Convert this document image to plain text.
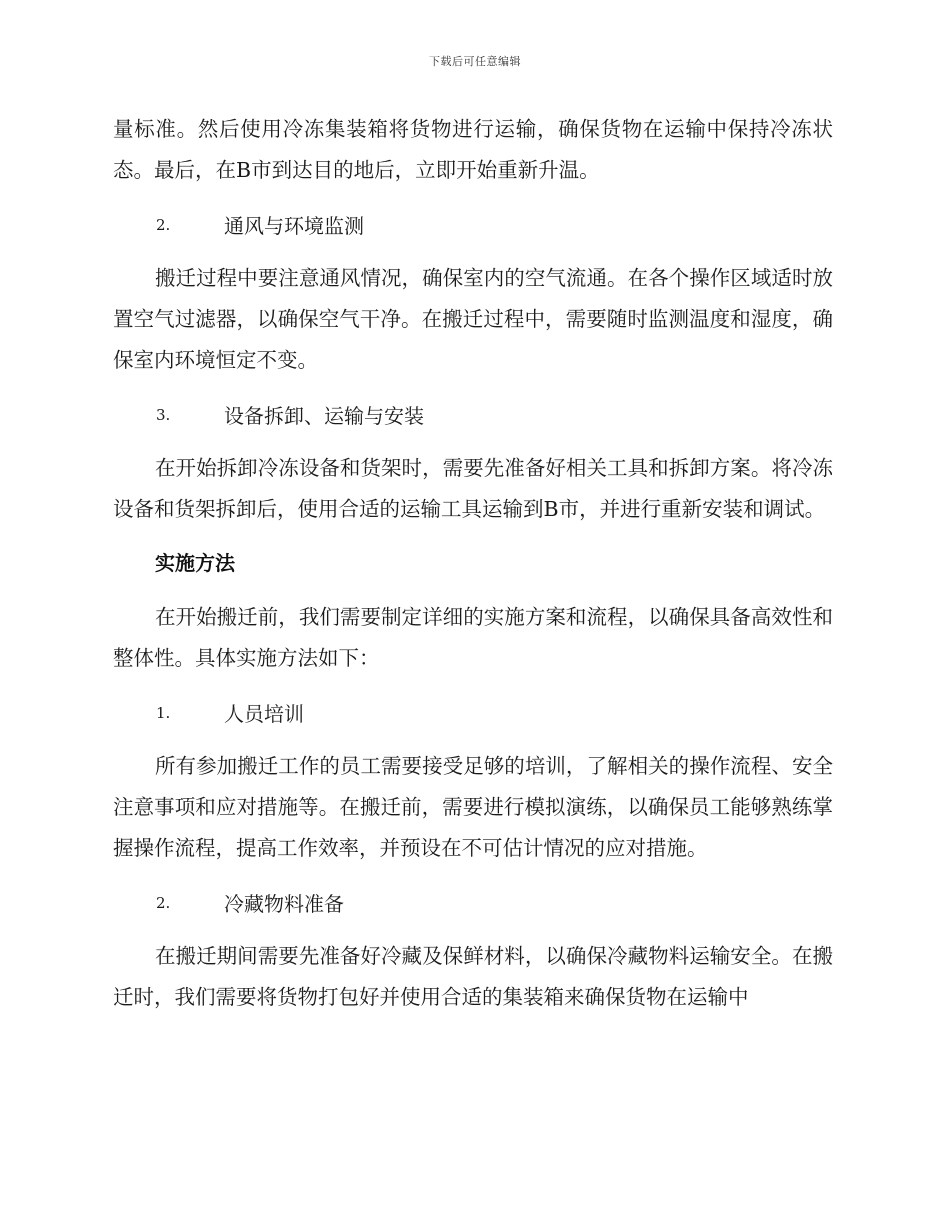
下载后可任意编辑

量标准。然后使用冷冻集装箱将货物进行运输，确保货物在运输中保持冷冻状态。最后，在B市到达目的地后，立即开始重新升温。

2.	通风与环境监测

搬迁过程中要注意通风情况，确保室内的空气流通。在各个操作区域适时放置空气过滤器，以确保空气干净。在搬迁过程中，需要随时监测温度和湿度，确保室内环境恒定不变。

3.	设备拆卸、运输与安装

在开始拆卸冷冻设备和货架时，需要先准备好相关工具和拆卸方案。将冷冻设备和货架拆卸后，使用合适的运输工具运输到B市，并进行重新安装和调试。

实施方法

在开始搬迁前，我们需要制定详细的实施方案和流程，以确保具备高效性和整体性。具体实施方法如下：

1.	人员培训

所有参加搬迁工作的员工需要接受足够的培训，了解相关的操作流程、安全注意事项和应对措施等。在搬迁前，需要进行模拟演练，以确保员工能够熟练掌握操作流程，提高工作效率，并预设在不可估计情况的应对措施。

2.	冷藏物料准备

在搬迁期间需要先准备好冷藏及保鲜材料，以确保冷藏物料运输安全。在搬迁时，我们需要将货物打包好并使用合适的集装箱来确保货物在运输中
